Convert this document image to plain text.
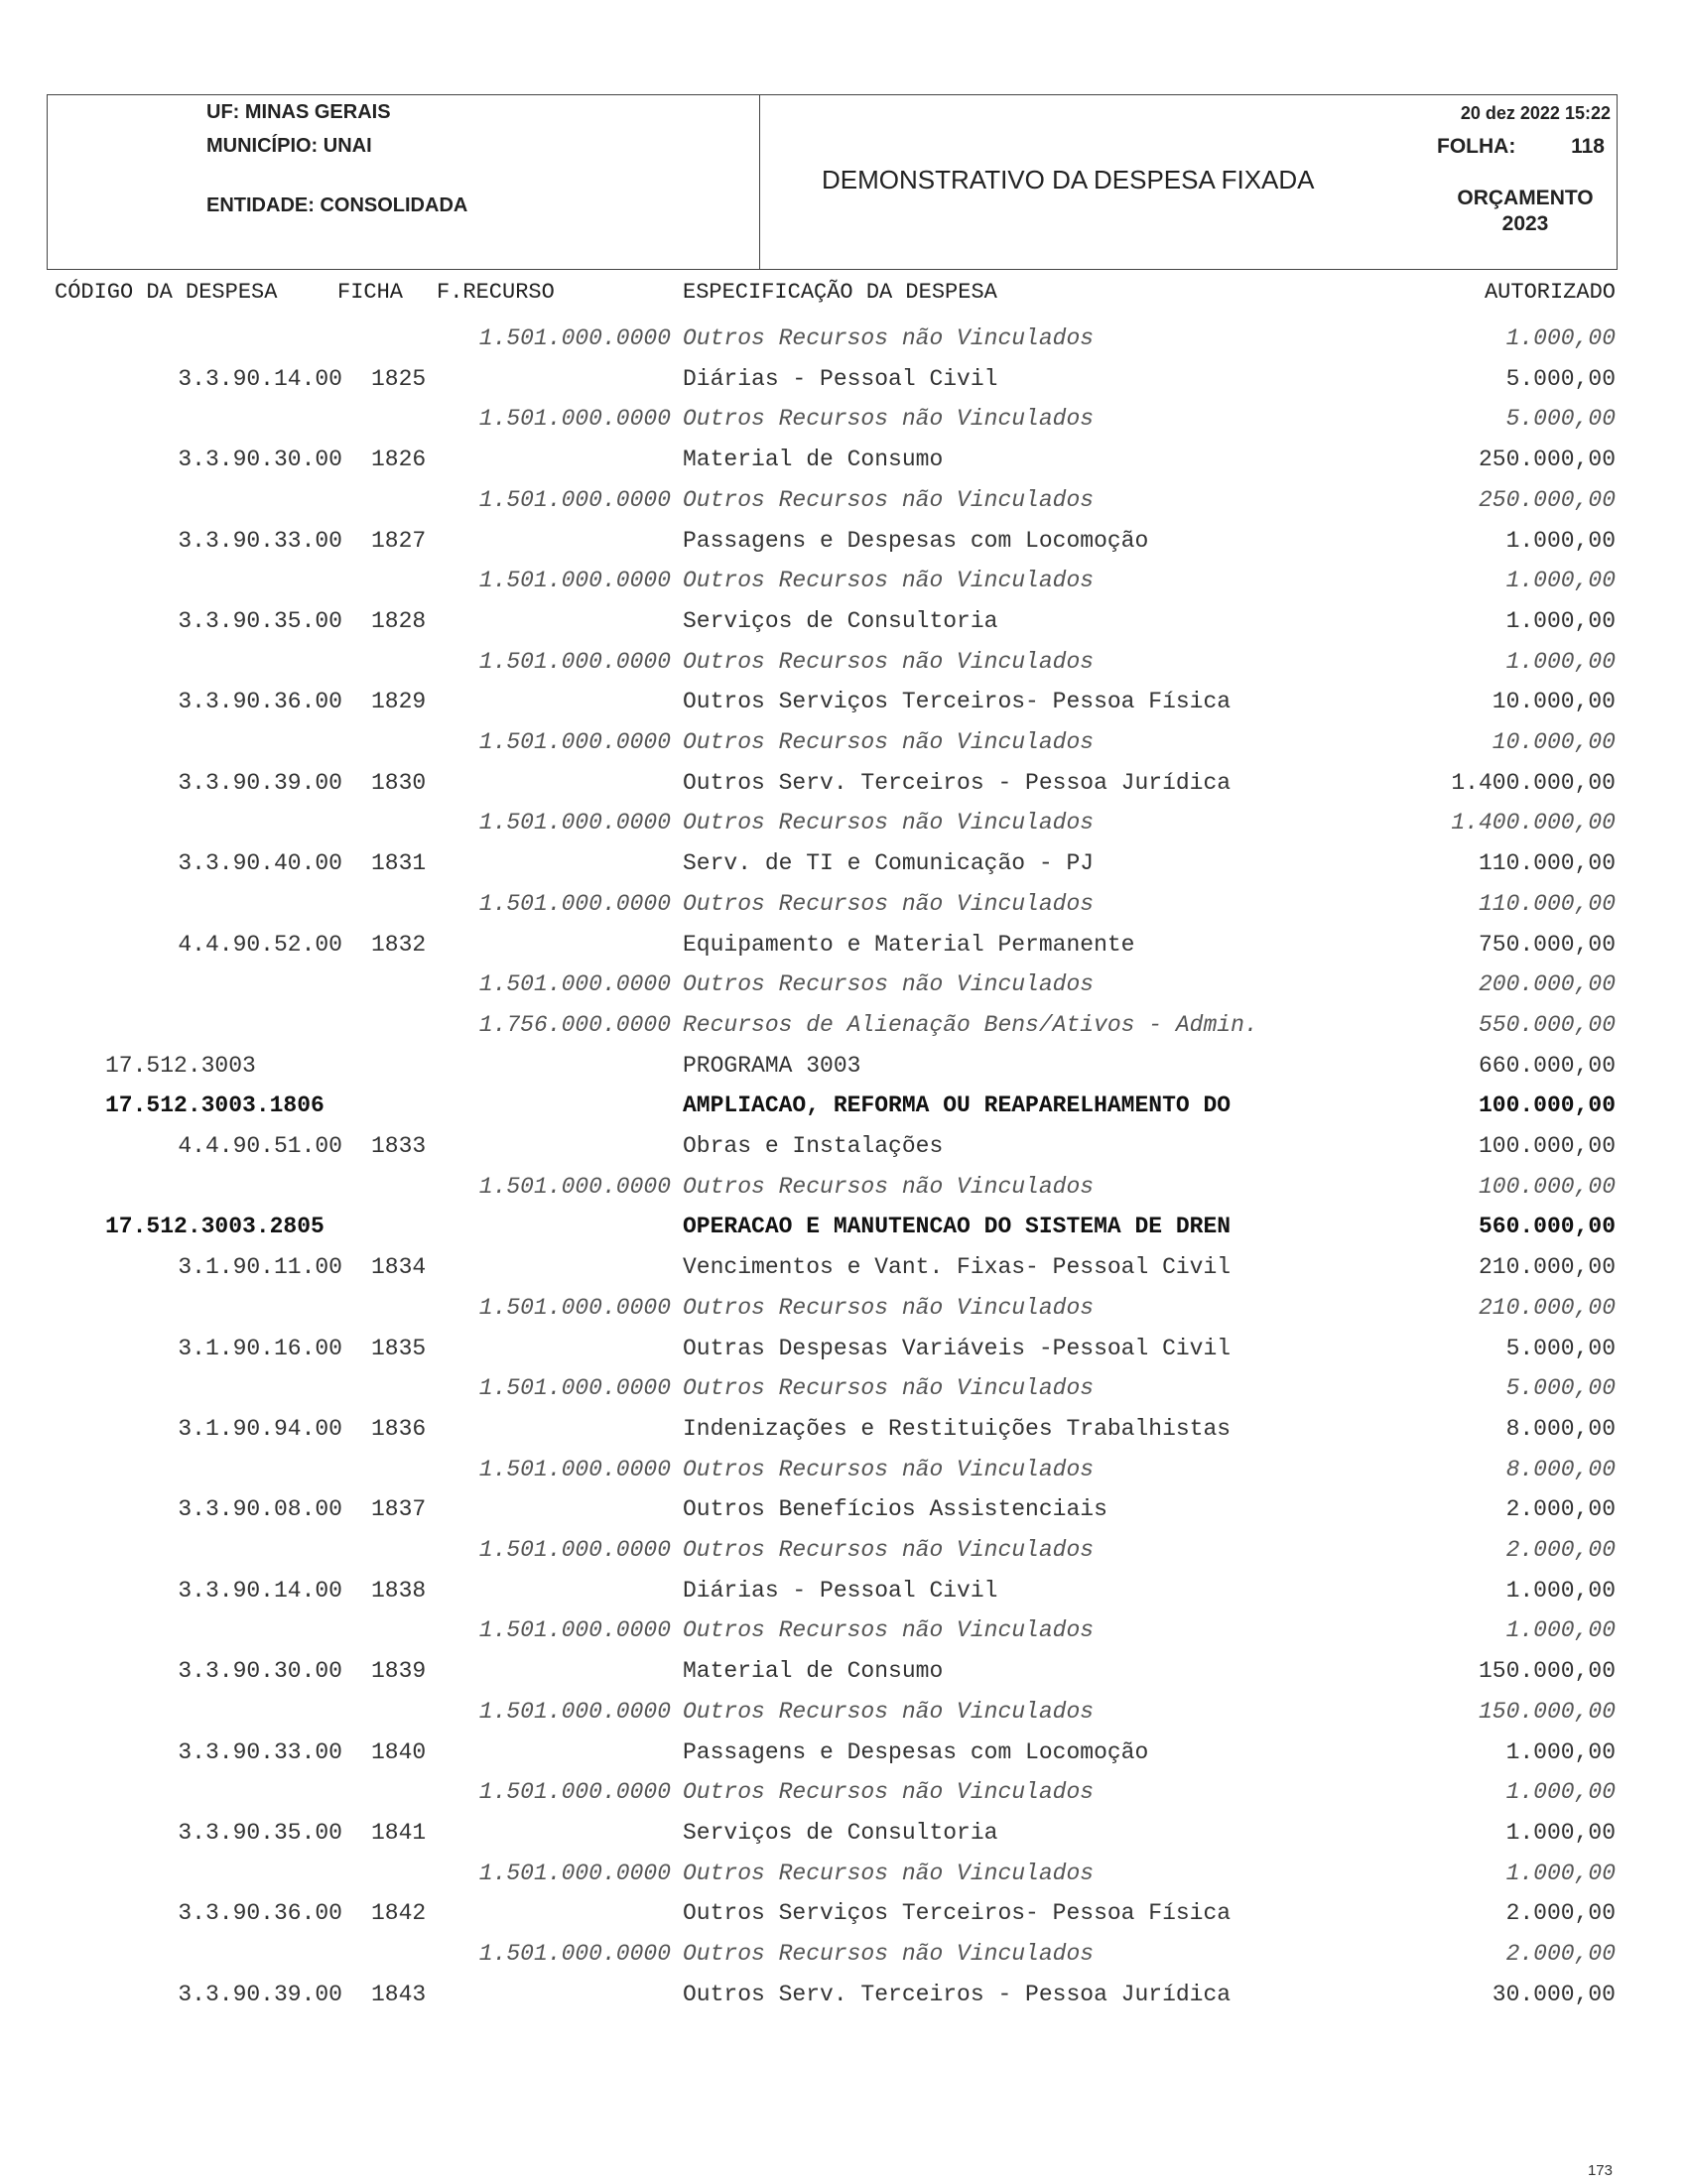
UF: MINAS GERAIS
MUNICÍPIO: UNAI
ENTIDADE: CONSOLIDADA
DEMONSTRATIVO DA DESPESA FIXADA
20 dez 2022 15:22
FOLHA:	118
ORÇAMENTO
2023
CÓDIGO DA DESPESA	FICHA F.RECURSO	ESPECIFICAÇÃO DA DESPESA	AUTORIZADO
1.501.000.0000 Outros Recursos não Vinculados	1.000,00
3.3.90.14.00 1825	Diárias - Pessoal Civil	5.000,00
1.501.000.0000 Outros Recursos não Vinculados	5.000,00
3.3.90.30.00 1826	Material de Consumo	250.000,00
1.501.000.0000 Outros Recursos não Vinculados	250.000,00
3.3.90.33.00 1827	Passagens e Despesas com Locomoção	1.000,00
1.501.000.0000 Outros Recursos não Vinculados	1.000,00
3.3.90.35.00 1828	Serviços de Consultoria	1.000,00
1.501.000.0000 Outros Recursos não Vinculados	1.000,00
3.3.90.36.00 1829	Outros Serviços Terceiros- Pessoa Física	10.000,00
1.501.000.0000 Outros Recursos não Vinculados	10.000,00
3.3.90.39.00 1830	Outros Serv. Terceiros - Pessoa Jurídica	1.400.000,00
1.501.000.0000 Outros Recursos não Vinculados	1.400.000,00
3.3.90.40.00 1831	Serv. de TI e Comunicação - PJ	110.000,00
1.501.000.0000 Outros Recursos não Vinculados	110.000,00
4.4.90.52.00 1832	Equipamento e Material Permanente	750.000,00
1.501.000.0000 Outros Recursos não Vinculados	200.000,00
1.756.000.0000 Recursos de Alienação Bens/Ativos - Admin.	550.000,00
17.512.3003	PROGRAMA 3003	660.000,00
17.512.3003.1806	AMPLIACAO, REFORMA OU REAPARELHAMENTO DO	100.000,00
4.4.90.51.00 1833	Obras e Instalações	100.000,00
1.501.000.0000 Outros Recursos não Vinculados	100.000,00
17.512.3003.2805	OPERACAO E MANUTENCAO DO SISTEMA DE DREN	560.000,00
3.1.90.11.00 1834	Vencimentos e Vant. Fixas- Pessoal Civil	210.000,00
1.501.000.0000 Outros Recursos não Vinculados	210.000,00
3.1.90.16.00 1835	Outras Despesas Variáveis -Pessoal Civil	5.000,00
1.501.000.0000 Outros Recursos não Vinculados	5.000,00
3.1.90.94.00 1836	Indenizações e Restituições Trabalhistas	8.000,00
1.501.000.0000 Outros Recursos não Vinculados	8.000,00
3.3.90.08.00 1837	Outros Benefícios Assistenciais	2.000,00
1.501.000.0000 Outros Recursos não Vinculados	2.000,00
3.3.90.14.00 1838	Diárias - Pessoal Civil	1.000,00
1.501.000.0000 Outros Recursos não Vinculados	1.000,00
3.3.90.30.00 1839	Material de Consumo	150.000,00
1.501.000.0000 Outros Recursos não Vinculados	150.000,00
3.3.90.33.00 1840	Passagens e Despesas com Locomoção	1.000,00
1.501.000.0000 Outros Recursos não Vinculados	1.000,00
3.3.90.35.00 1841	Serviços de Consultoria	1.000,00
1.501.000.0000 Outros Recursos não Vinculados	1.000,00
3.3.90.36.00 1842	Outros Serviços Terceiros- Pessoa Física	2.000,00
1.501.000.0000 Outros Recursos não Vinculados	2.000,00
3.3.90.39.00 1843	Outros Serv. Terceiros - Pessoa Jurídica	30.000,00
173
